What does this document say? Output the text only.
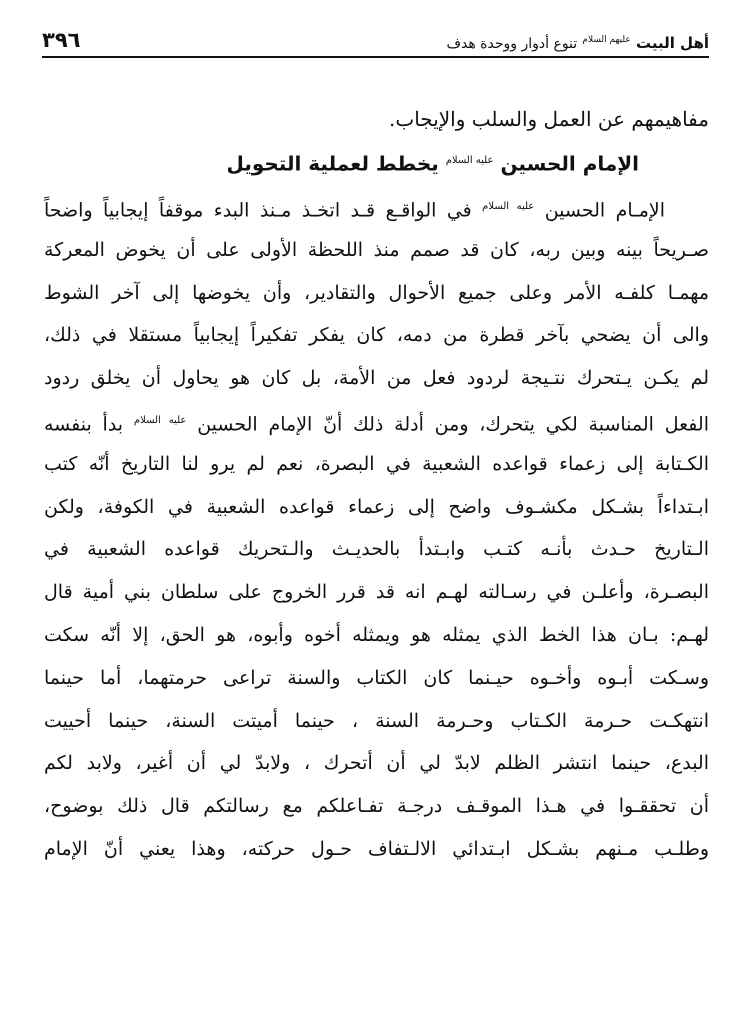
أهل البيت $^{عليهم السلام}$ تنوع أدوار ووحدة هدف
٣٩٦
مفاهيمهم عن العمل والسلب والإيجاب.
الإمام الحسين $^{عليه السلام}$ يخطط لعملية التحويل
الإمـام الحسين $^{عليه السلام}$ في الواقـع قـد اتخـذ مـنذ البدء موقفاً إيجابياً واضحاً
صـريحاً بينه وبين ربه، كان قد صمم منذ اللحظة الأولى على أن يخوض المعركة
مهمـا كلفـه الأمر وعلى جميع الأحوال والتقادير، وأن يخوضها إلى آخر الشوط
والى أن يضحي بآخر قطرة من دمه، كان يفكر تفكيراً إيجابياً مستقلا في ذلك،
لم يكـن يـتحرك نتـيجة لردود فعل من الأمة، بل كان هو يحاول أن يخلق ردود
الفعل المناسبة لكي يتحرك، ومن أدلة ذلك أنّ الإمام الحسين $^{عليه السلام}$ بدأ بنفسه
الكـتابة إلى زعماء قواعده الشعبية في البصرة، نعم لم يرو لنا التاريخ أنّه كتب
ابـتداءاً بشـكل مكشـوف واضح إلى زعماء قواعده الشعبية في الكوفة، ولكن
الـتاريخ حـدث بأنـه كتـب وابـتدأ بالحديـث والـتحريك قواعده الشعبية في
البصـرة، وأعلـن في رسـالته لهـم انه قد قرر الخروج على سلطان بني أمية قال
لهـم: بـان هذا الخط الذي يمثله هو ويمثله أخوه وأبوه، هو الحق، إلا أنّه سكت
وسـكت أبـوه وأخـوه حيـنما كان الكتاب والسنة تراعى حرمتهما، أما حينما
انتهكـت حـرمة الكـتاب وحـرمة السنة ، حينما أميتت السنة، حينما أحييت
البدع، حينما انتشر الظلم لابدّ لي أن أتحرك ، ولابدّ لي أن أغير، ولابد لكم
أن تحققـوا في هـذا الموقـف درجـة تفـاعلكم مع رسالتكم قال ذلك بوضوح،
وطلـب مـنهم بشـكل ابـتدائي الالـتفاف حـول حركته، وهذا يعني أنّ الإمام
